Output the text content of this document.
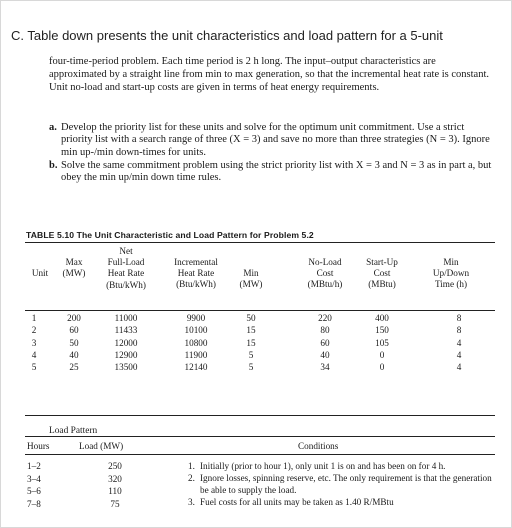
C. Table down presents the unit characteristics and load pattern for a 5-unit
four-time-period problem. Each time period is 2 h long. The input–output characteristics are approximated by a straight line from min to max generation, so that the incremental heat rate is constant. Unit no-load and start-up costs are given in terms of heat energy requirements.
a. Develop the priority list for these units and solve for the optimum unit commitment. Use a strict priority list with a search range of three (X = 3) and save no more than three strategies (N = 3). Ignore min up-/min down-times for units.
b. Solve the same commitment problem using the strict priority list with X = 3 and N = 3 as in part a, but obey the min up/min down time rules.
TABLE 5.10 The Unit Characteristic and Load Pattern for Problem 5.2

Unit

Max
(MW)
Net
Full-Load
Heat Rate
(Btu/kWh)
Incremental
Heat Rate
(Btu/kWh)

Min
(MW)
No-Load
Cost
(MBtu/h)
Start-Up
Cost
(MBtu)
Min
Up/Down
Time (h)
1
2
3
4
5
200
60
50
40
25
11000
11433
12000
12900
13500
9900
10100
10800
11900
12140
50
15
15
5
5
220
80
60
40
34
400
150
105
0
0
8
8
4
4
4
Load Pattern
Hours	Load (MW)	Conditions
1–2
3–4
5–6
7–8
250
320
110
75
1. Initially (prior to hour 1), only unit 1 is on and has been on for 4 h.
2. Ignore losses, spinning reserve, etc. The only requirement is that the generation be able to supply the load.
3. Fuel costs for all units may be taken as 1.40 R/MBtu
